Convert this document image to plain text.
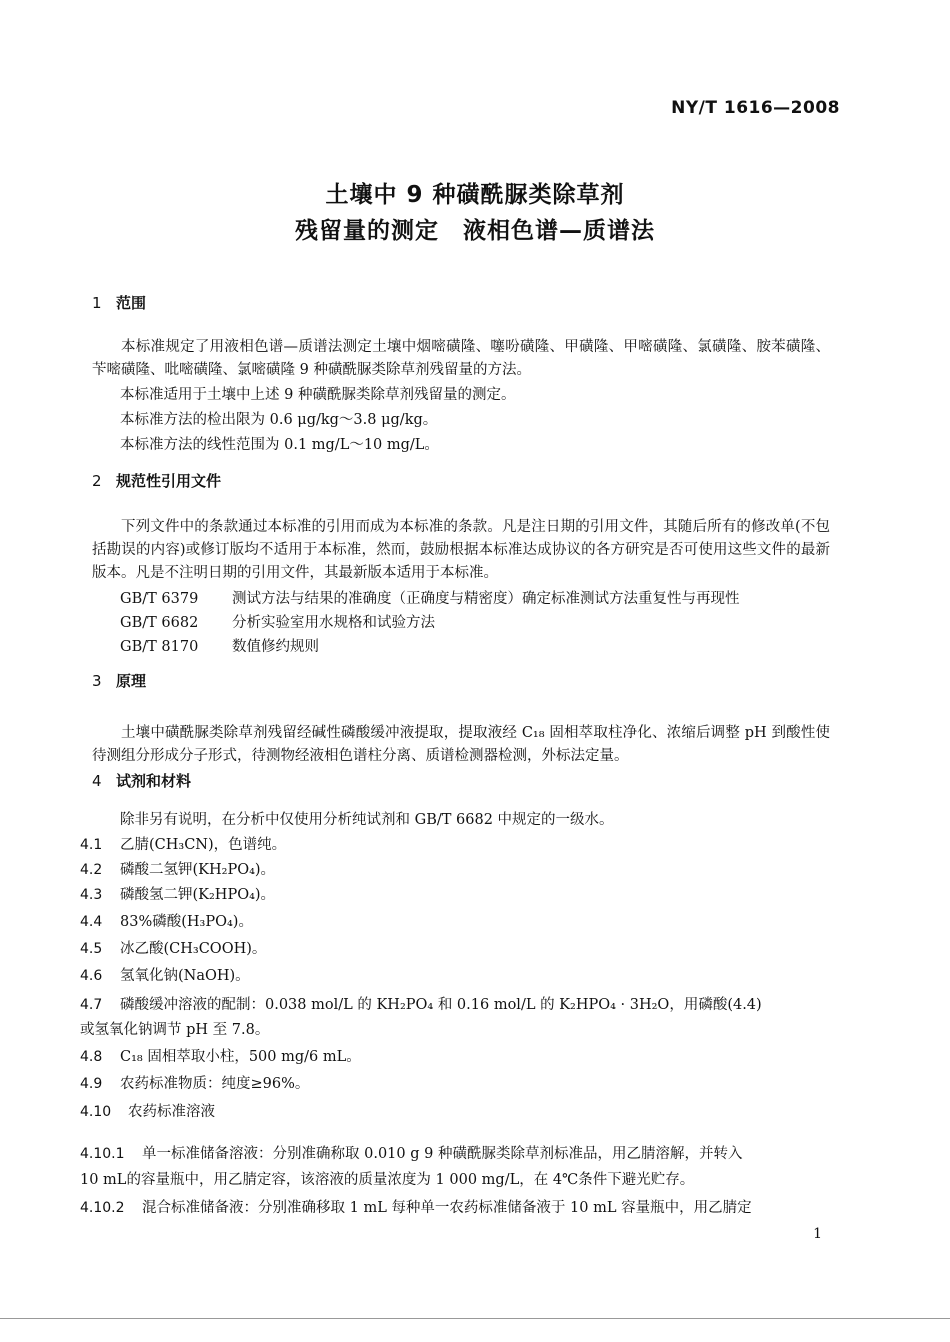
NY/T 1616—2008
土壤中 9 种磺酰脲类除草剂
残留量的测定　液相色谱—质谱法
1 范围
本标准规定了用液相色谱—质谱法测定土壤中烟嘧磺隆、噻吩磺隆、甲磺隆、甲嘧磺隆、氯磺隆、胺苯磺隆、苄嘧磺隆、吡嘧磺隆、氯嘧磺隆 9 种磺酰脲类除草剂残留量的方法。
本标准适用于土壤中上述 9 种磺酰脲类除草剂残留量的测定。
本标准方法的检出限为 0.6 μg/kg～3.8 μg/kg。
本标准方法的线性范围为 0.1 mg/L～10 mg/L。
2 规范性引用文件
下列文件中的条款通过本标准的引用而成为本标准的条款。凡是注日期的引用文件，其随后所有的修改单(不包括勘误的内容)或修订版均不适用于本标准，然而，鼓励根据本标准达成协议的各方研究是否可使用这些文件的最新版本。凡是不注明日期的引用文件，其最新版本适用于本标准。
GB/T 6379 测试方法与结果的准确度（正确度与精密度）确定标准测试方法重复性与再现性
GB/T 6682 分析实验室用水规格和试验方法
GB/T 8170 数值修约规则
3 原理
土壤中磺酰脲类除草剂残留经碱性磷酸缓冲液提取，提取液经 C₁₈ 固相萃取柱净化、浓缩后调整 pH 到酸性使待测组分形成分子形式，待测物经液相色谱柱分离、质谱检测器检测，外标法定量。
4 试剂和材料
除非另有说明，在分析中仅使用分析纯试剂和 GB/T 6682 中规定的一级水。
4.1 乙腈(CH₃CN)，色谱纯。
4.2 磷酸二氢钾(KH₂PO₄)。
4.3 磷酸氢二钾(K₂HPO₄)。
4.4 83%磷酸(H₃PO₄)。
4.5 冰乙酸(CH₃COOH)。
4.6 氢氧化钠(NaOH)。
4.7 磷酸缓冲溶液的配制：0.038 mol/L 的 KH₂PO₄ 和 0.16 mol/L 的 K₂HPO₄ · 3H₂O，用磷酸(4.4)
或氢氧化钠调节 pH 至 7.8。
4.8 C₁₈ 固相萃取小柱，500 mg/6 mL。
4.9 农药标准物质：纯度≥96%。
4.10 农药标准溶液
4.10.1 单一标准储备溶液：分别准确称取 0.010 g 9 种磺酰脲类除草剂标准品，用乙腈溶解，并转入
10 mL的容量瓶中，用乙腈定容，该溶液的质量浓度为 1 000 mg/L，在 4℃条件下避光贮存。
4.10.2 混合标准储备液：分别准确移取 1 mL 每种单一农药标准储备液于 10 mL 容量瓶中，用乙腈定
1
